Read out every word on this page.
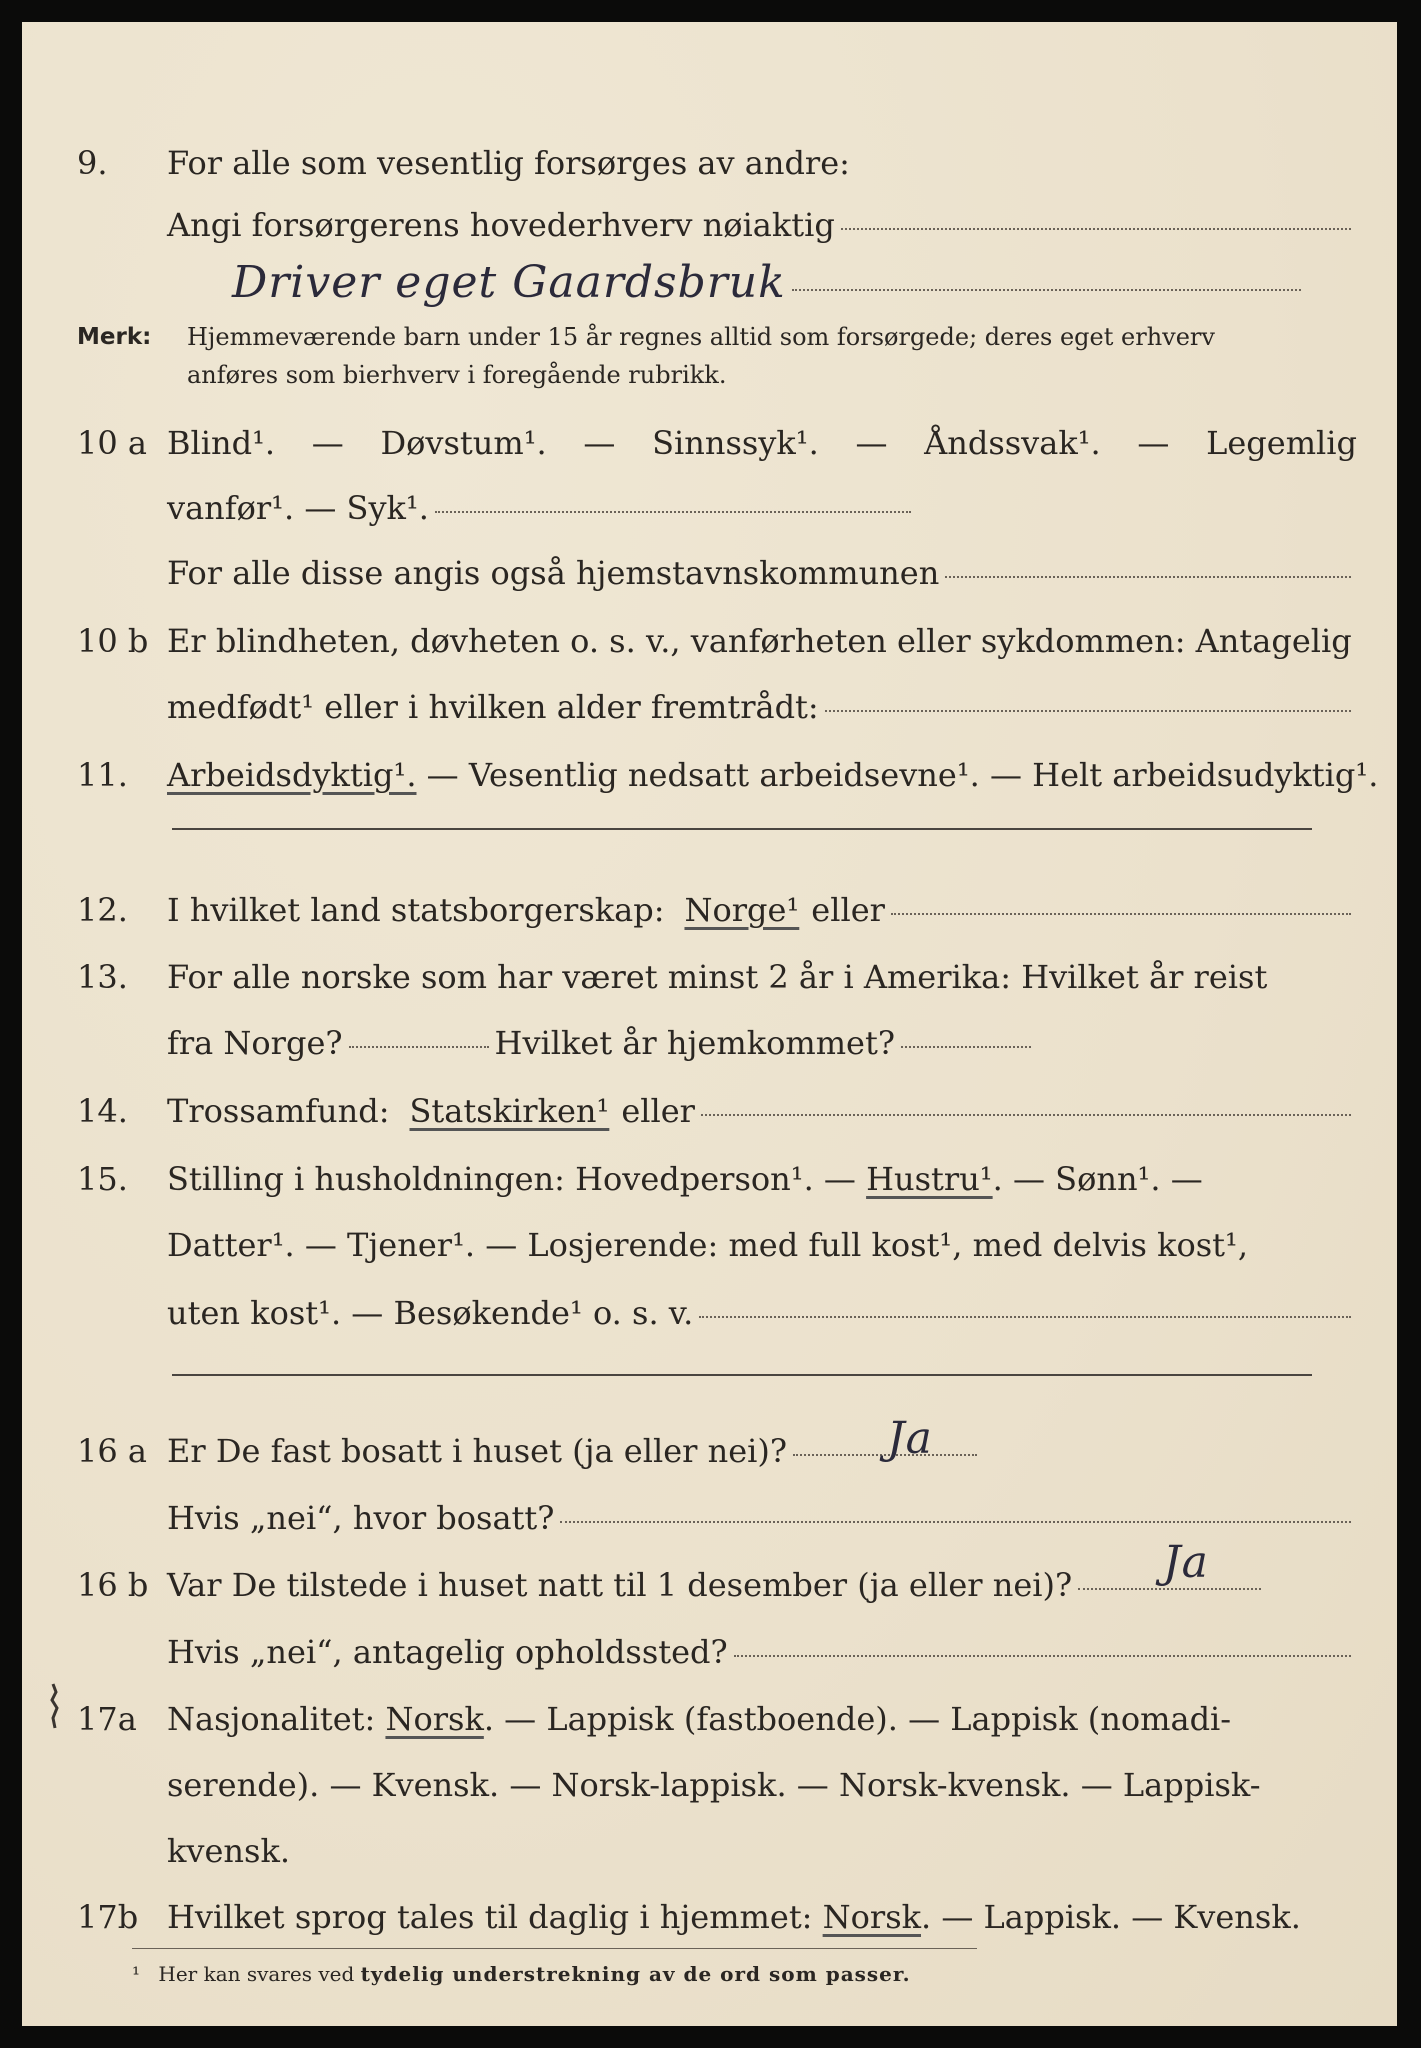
9.	For alle som vesentlig forsørges av andre:
Angi forsørgerens hovederhverv nøiaktig
Driver eget Gaardsbruk
Merk:	Hjemmeværende barn under 15 år regnes alltid som forsørgede; deres eget erhverv
anføres som bierhverv i foregående rubrikk.
10 a Blind¹. — Døvstum¹. — Sinnssyk¹. — Åndssvak¹. — Legemlig
vanfør¹. — Syk¹.
For alle disse angis også hjemstavnskommunen
10 b Er blindheten, døvheten o. s. v., vanførheten eller sykdommen: Antagelig
medfødt¹ eller i hvilken alder fremtrådt:
11.	Arbeidsdyktig¹. — Vesentlig nedsatt arbeidsevne¹. — Helt arbeidsudyktig¹.
12.	I hvilket land statsborgerskap: Norge¹ eller
13.	For alle norske som har været minst 2 år i Amerika: Hvilket år reist
fra Norge?	Hvilket år hjemkommet?
14.	Trossamfund: Statskirken¹ eller
15.	Stilling i husholdningen: Hovedperson¹. — Hustru¹ . — Sønn¹. —
Datter¹. — Tjener¹. — Losjerende: med full kost¹, med delvis kost¹,
uten kost¹. — Besøkende¹ o. s. v.
16 a Er De fast bosatt i huset (ja eller nei)? Ja
Hvis „nei“, hvor bosatt?
16 b Var De tilstede i huset natt til 1 desember (ja eller nei)? Ja
Hvis „nei“, antagelig opholdssted?
17a Nasjonalitet: Norsk . — Lappisk (fastboende). — Lappisk (nomadi-
serende). — Kvensk. — Norsk-lappisk. — Norsk-kvensk. — Lappisk-
kvensk.
17b Hvilket sprog tales til daglig i hjemmet: Norsk . — Lappisk. — Kvensk.
¹ Her kan svares ved tydelig understrekning av de ord som passer.
